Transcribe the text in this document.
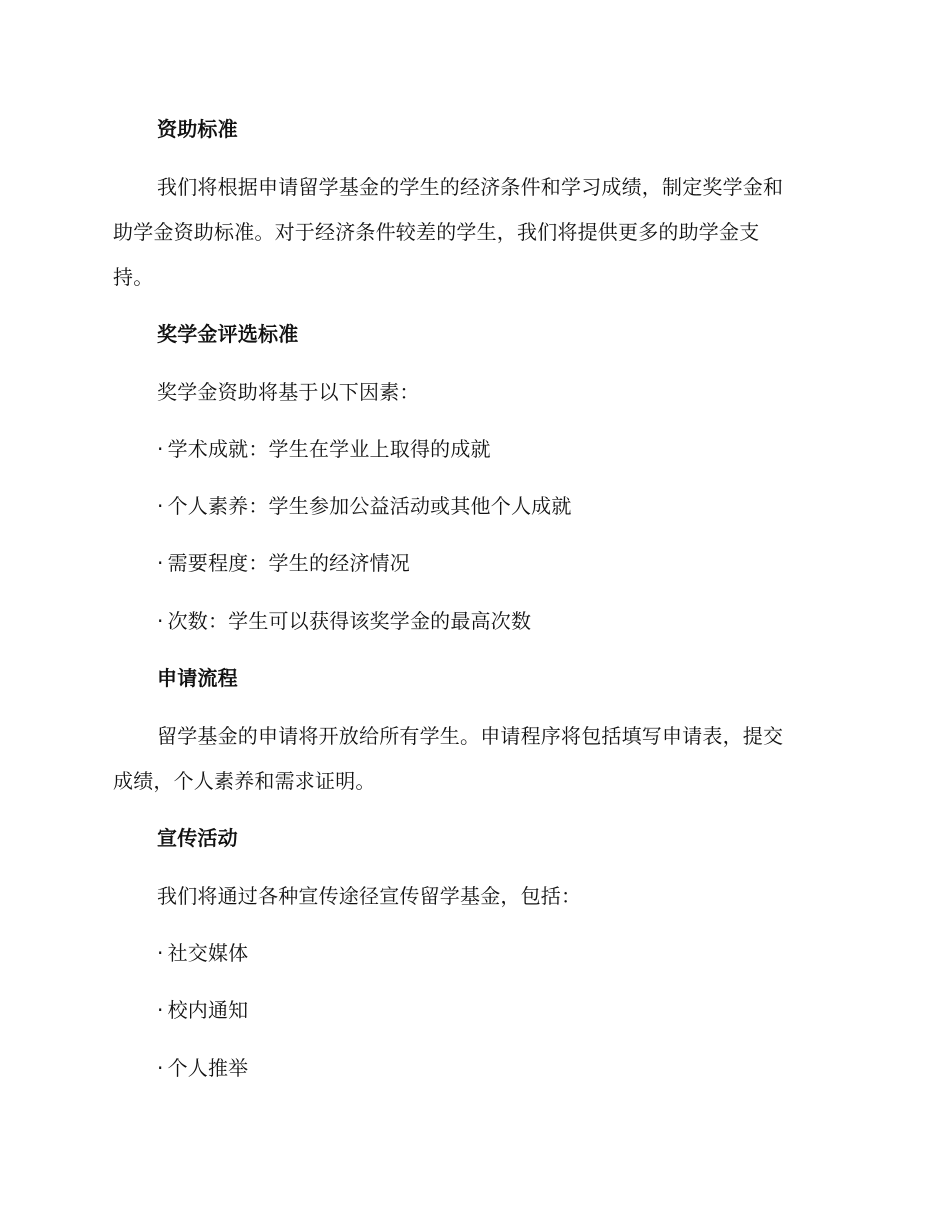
资助标准
我们将根据申请留学基金的学生的经济条件和学习成绩，制定奖学金和
助学金资助标准。对于经济条件较差的学生，我们将提供更多的助学金支
持。
奖学金评选标准
奖学金资助将基于以下因素：
· 学术成就：学生在学业上取得的成就
· 个人素养：学生参加公益活动或其他个人成就
· 需要程度：学生的经济情况
· 次数：学生可以获得该奖学金的最高次数
申请流程
留学基金的申请将开放给所有学生。申请程序将包括填写申请表，提交
成绩，个人素养和需求证明。
宣传活动
我们将通过各种宣传途径宣传留学基金，包括：
· 社交媒体
· 校内通知
· 个人推举
